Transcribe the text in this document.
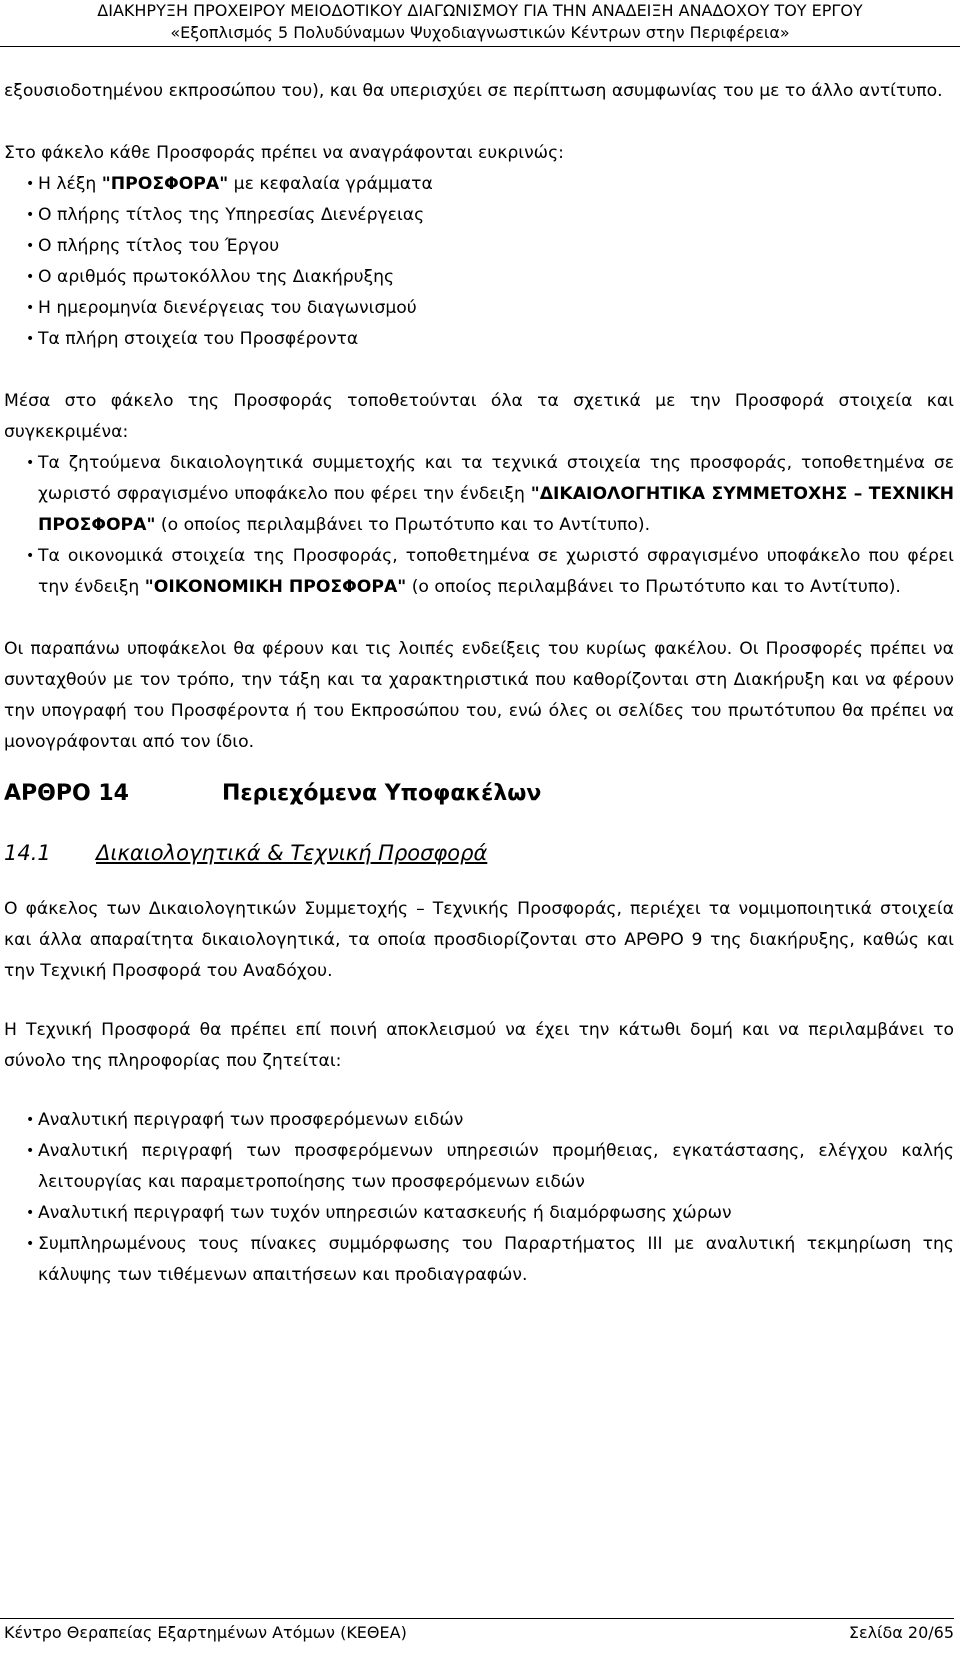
ΔΙΑΚΗΡΥΞΗ ΠΡΟΧΕΙΡΟΥ ΜΕΙΟΔΟΤΙΚΟΥ ΔΙΑΓΩΝΙΣΜΟΥ ΓΙΑ ΤΗΝ ΑΝΑΔΕΙΞΗ ΑΝΑΔΟΧΟΥ ΤΟΥ ΕΡΓΟΥ
«Εξοπλισμός 5 Πολυδύναμων Ψυχοδιαγνωστικών Κέντρων στην Περιφέρεια»

εξουσιοδοτημένου εκπροσώπου του), και θα υπερισχύει σε περίπτωση ασυμφωνίας του με το άλλο αντίτυπο.

Στο φάκελο κάθε Προσφοράς πρέπει να αναγράφονται ευκρινώς:

• Η λέξη "ΠΡΟΣΦΟΡΑ" με κεφαλαία γράμματα
• Ο πλήρης τίτλος της Υπηρεσίας Διενέργειας
• Ο πλήρης τίτλος του Έργου
• Ο αριθμός πρωτοκόλλου της Διακήρυξης
• Η ημερομηνία διενέργειας του διαγωνισμού
• Τα πλήρη στοιχεία του Προσφέροντα

Μέσα στο φάκελο της Προσφοράς τοποθετούνται όλα τα σχετικά με την Προσφορά στοιχεία και συγκεκριμένα:

• Τα ζητούμενα δικαιολογητικά συμμετοχής και τα τεχνικά στοιχεία της προσφοράς, τοποθετημένα σε χωριστό σφραγισμένο υποφάκελο που φέρει την ένδειξη "ΔΙΚΑΙΟΛΟΓΗΤΙΚΑ ΣΥΜΜΕΤΟΧΗΣ – ΤΕΧΝΙΚΗ ΠΡΟΣΦΟΡΑ" (ο οποίος περιλαμβάνει το Πρωτότυπο και το Αντίτυπο).
• Τα οικονομικά στοιχεία της Προσφοράς, τοποθετημένα σε χωριστό σφραγισμένο υποφάκελο που φέρει την ένδειξη "ΟΙΚΟΝΟΜΙΚΗ ΠΡΟΣΦΟΡΑ" (ο οποίος περιλαμβάνει το Πρωτότυπο και το Αντίτυπο).

Οι παραπάνω υποφάκελοι θα φέρουν και τις λοιπές ενδείξεις του κυρίως φακέλου. Οι Προσφορές πρέπει να συνταχθούν με τον τρόπο, την τάξη και τα χαρακτηριστικά που καθορίζονται στη Διακήρυξη και να φέρουν την υπογραφή του Προσφέροντα ή του Εκπροσώπου του, ενώ όλες οι σελίδες του πρωτότυπου θα πρέπει να μονογράφονται από τον ίδιο.

ΑΡΘΡΟ 14	Περιεχόμενα Υποφακέλων
14.1 Δικαιολογητικά & Τεχνική Προσφορά

Ο φάκελος των Δικαιολογητικών Συμμετοχής – Τεχνικής Προσφοράς, περιέχει τα νομιμοποιητικά στοιχεία και άλλα απαραίτητα δικαιολογητικά, τα οποία προσδιορίζονται στο ΑΡΘΡΟ 9 της διακήρυξης, καθώς και την Τεχνική Προσφορά του Αναδόχου.

Η Τεχνική Προσφορά θα πρέπει επί ποινή αποκλεισμού να έχει την κάτωθι δομή και να περιλαμβάνει το σύνολο της πληροφορίας που ζητείται:

• Αναλυτική περιγραφή των προσφερόμενων ειδών
• Αναλυτική περιγραφή των προσφερόμενων υπηρεσιών προμήθειας, εγκατάστασης, ελέγχου καλής λειτουργίας και παραμετροποίησης των προσφερόμενων ειδών
• Αναλυτική περιγραφή των τυχόν υπηρεσιών κατασκευής ή διαμόρφωσης χώρων
• Συμπληρωμένους τους πίνακες συμμόρφωσης του Παραρτήματος III με αναλυτική τεκμηρίωση της κάλυψης των τιθέμενων απαιτήσεων και προδιαγραφών.
Κέντρο Θεραπείας Εξαρτημένων Ατόμων (ΚΕΘΕΑ)	Σελίδα 20/65
